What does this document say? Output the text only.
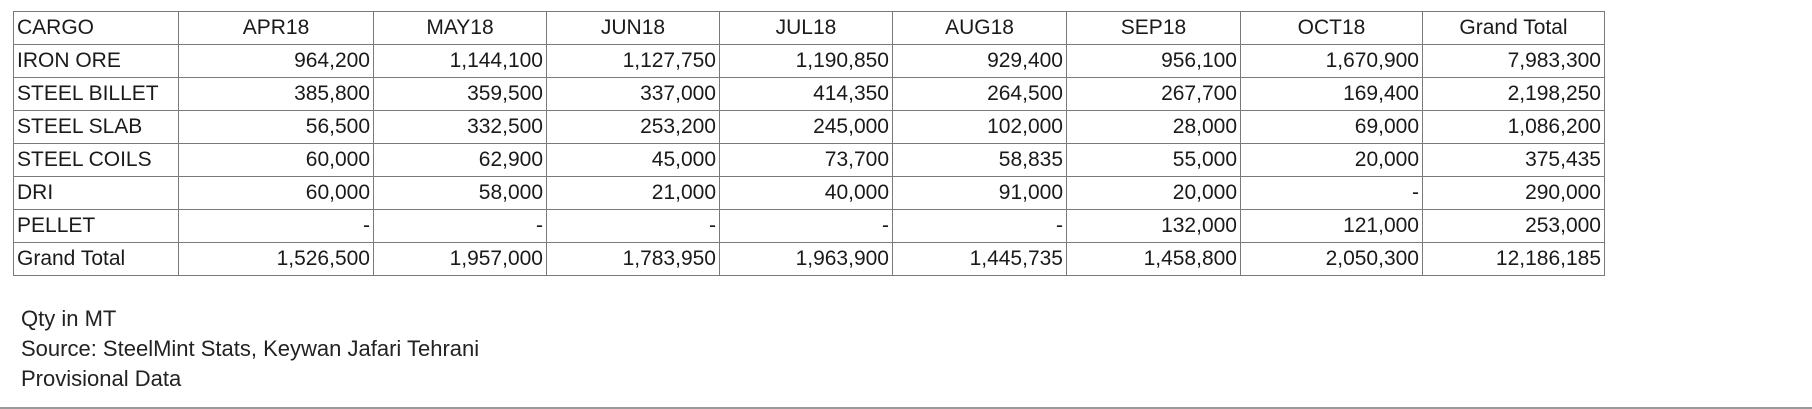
CARGO	APR18	MAY18	JUN18	JUL18	AUG18	SEP18	OCT18	Grand Total
IRON ORE	964,200	1,144,100	1,127,750	1,190,850	929,400	956,100	1,670,900	7,983,300
STEEL BILLET	385,800	359,500	337,000	414,350	264,500	267,700	169,400	2,198,250
STEEL SLAB	56,500	332,500	253,200	245,000	102,000	28,000	69,000	1,086,200
STEEL COILS	60,000	62,900	45,000	73,700	58,835	55,000	20,000	375,435
DRI	60,000	58,000	21,000	40,000	91,000	20,000	-	290,000
PELLET	-	-	-	-	-	132,000	121,000	253,000
Grand Total	1,526,500	1,957,000	1,783,950	1,963,900	1,445,735	1,458,800	2,050,300	12,186,185
Qty in MT
Source: SteelMint Stats, Keywan Jafari Tehrani
Provisional Data
